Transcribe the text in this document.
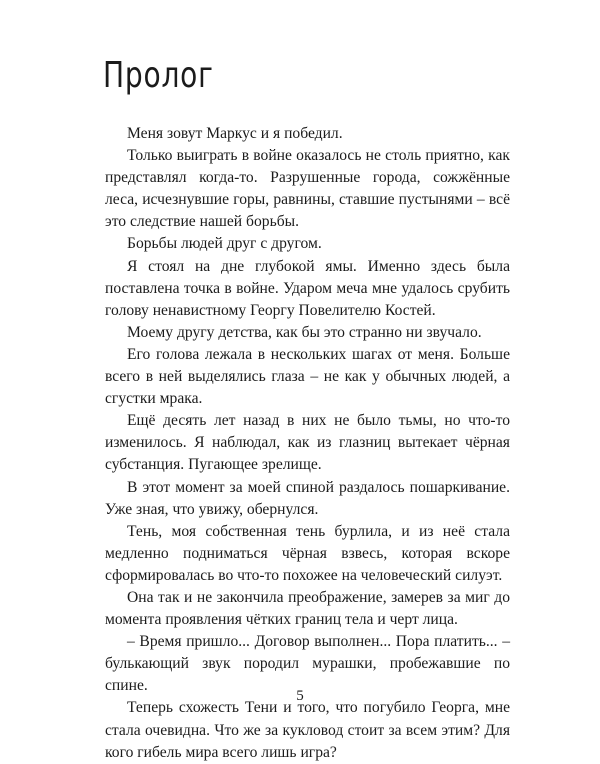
Пролог

Меня зовут Маркус и я победил.

Только выиграть в войне оказалось не столь приятно, как представлял когда-то. Разрушенные города, сожжённые леса, исчезнувшие горы, равнины, ставшие пустынями – всё это следствие нашей борьбы.

Борьбы людей друг с другом.

Я стоял на дне глубокой ямы. Именно здесь была поставлена точка в войне. Ударом меча мне удалось срубить голову ненавистному Георгу Повелителю Костей.

Моему другу детства, как бы это странно ни звучало.

Его голова лежала в нескольких шагах от меня. Больше всего в ней выделялись глаза – не как у обычных людей, а сгустки мрака.

Ещё десять лет назад в них не было тьмы, но что-то изменилось. Я наблюдал, как из глазниц вытекает чёрная субстанция. Пугающее зрелище.

В этот момент за моей спиной раздалось пошаркивание. Уже зная, что увижу, обернулся.

Тень, моя собственная тень бурлила, и из неё стала медленно подниматься чёрная взвесь, которая вскоре сформировалась во что-то похожее на человеческий силуэт.

Она так и не закончила преображение, замерев за миг до момента проявления чётких границ тела и черт лица.

– Время пришло... Договор выполнен... Пора платить... – булькающий звук породил мурашки, пробежавшие по спине.

Теперь схожесть Тени и того, что погубило Георга, мне стала очевидна. Что же за кукловод стоит за всем этим? Для кого гибель мира всего лишь игра?

5
